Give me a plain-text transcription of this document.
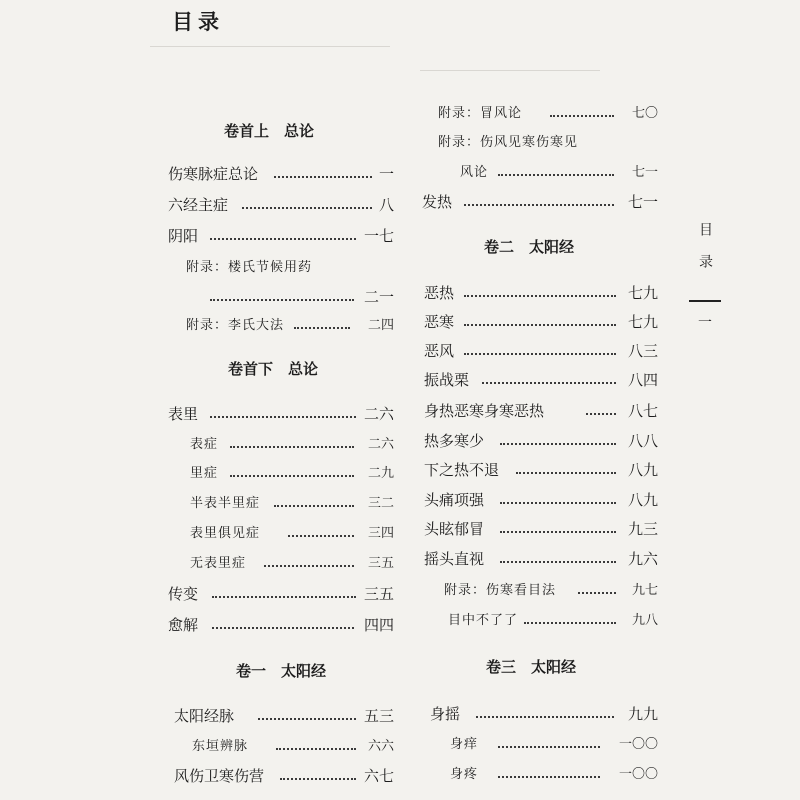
目录
卷首上　总论
伤寒脉症总论	一
六经主症	八
阴阳	一七
附录：楼氏节候用药
二一
附录：李氏大法	二四
卷首下　总论
表里	二六
表症	二六
里症	二九
半表半里症	三二
表里俱见症	三四
无表里症	三五
传变	三五
愈解	四四
卷一　太阳经
太阳经脉	五三
东垣辨脉	六六
风伤卫寒伤营	六七
附录：冒风论	七〇
附录：伤风见寒伤寒见
风论	七一
发热	七一
卷二　太阳经
恶热	七九
恶寒	七九
恶风	八三
振战栗	八四
身热恶寒身寒恶热	八七
热多寒少	八八
下之热不退	八九
头痛项强	八九
头眩郁冒	九三
摇头直视	九六
附录：伤寒看目法	九七
目中不了了	九八
卷三　太阳经
身摇	九九
身痒	一〇〇
身疼	一〇〇
目录
一
